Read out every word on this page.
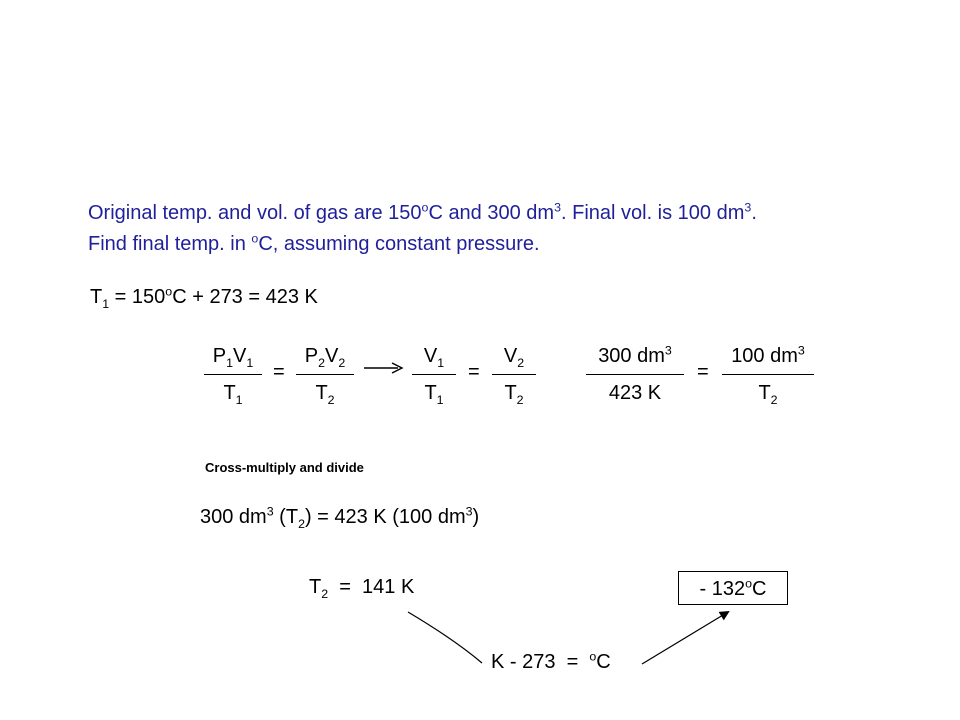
Original temp. and vol. of gas are 150$^o$C and 300 $dm^3$. Final vol. is 100 $dm^3$.
Find final temp. in $^o$C, assuming constant pressure.
$T_1 = 150^oC + 273 = 423$ K
$P_1V_1$
$T_1$
=
$P_2V_2$
$T_2$
$V_1$
$T_1$
=
$V_2$
$T_2$
300 $dm^3$
423 K
=
100 $dm^3$
$T_2$
Cross-multiply and divide
300 $dm^3$ $(T_2) = 423$ K (100 $dm^3$)
$T_2 = 141$ K	- 132$^o$C
K - 273  =  $^o$C
